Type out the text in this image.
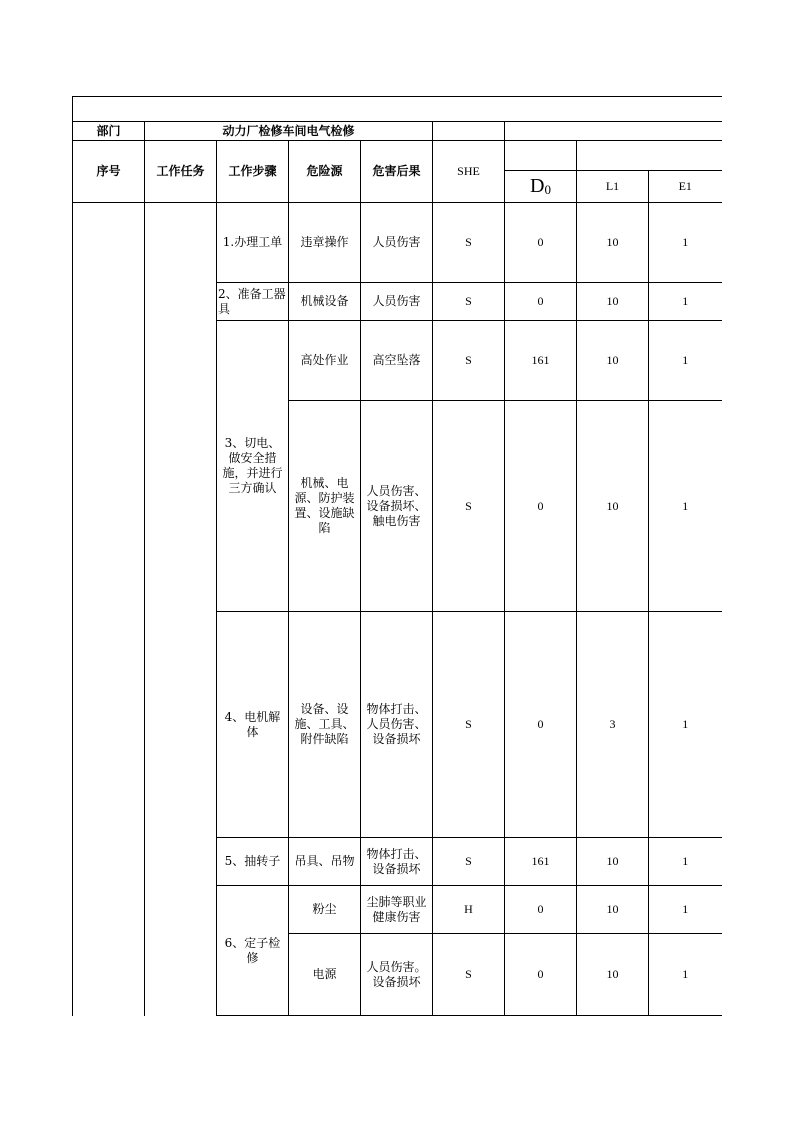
部门	动力厂检修车间电气检修							
序号	工作任务	工作步骤	危险源	危害后果	SHE			
						$D_0$	L1	E1
		1.办理工单	违章操作	人员伤害	S	0	10	1
		2、准备工器具	机械设备	人员伤害	S	0	10	1
		3、切电、做安全措施，并进行三方确认	高处作业	高空坠落	S	161	10	1
			机械、电源、防护装置、设施缺陷	人员伤害、设备损坏、触电伤害	S	0	10	1
		4、电机解体	设备、设施、工具、附件缺陷	物体打击、人员伤害、设备损坏	S	0	3	1
		5、抽转子	吊具、吊物	物体打击、设备损坏	S	161	10	1
		6、定子检修	粉尘	尘肺等职业健康伤害	H	0	10	1
			电源	人员伤害。设备损坏	S	0	10	1
